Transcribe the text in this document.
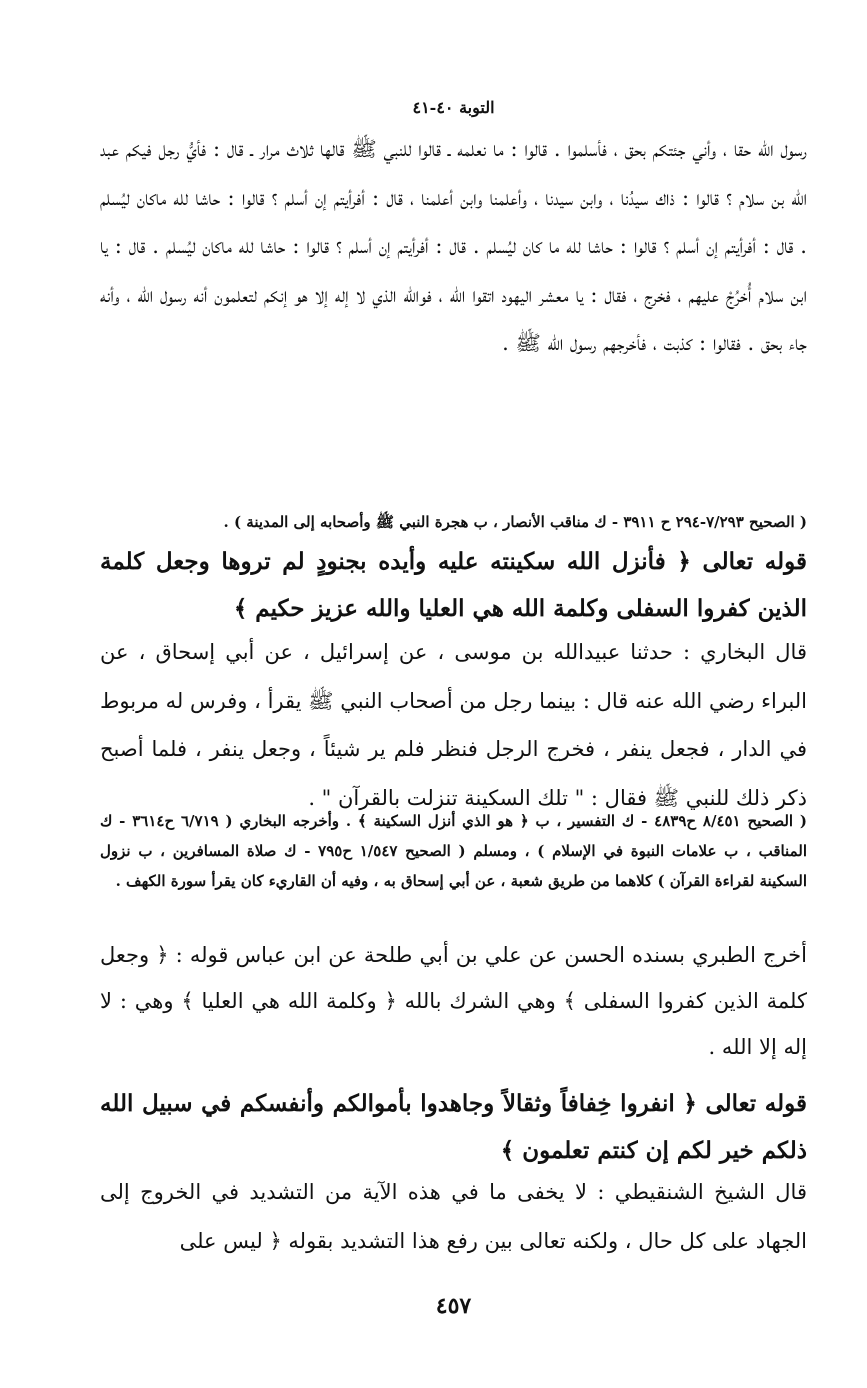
التوبة ٤٠-٤١

رسول الله حقا ، وأني جئتكم بحق ، فأسلموا . قالوا : ما نعلمه ـ قالوا للنبي ﷺ قالها ثلاث مرار ـ قال : فأيُّ رجل فيكم عبد الله بن سلام ؟ قالوا : ذاك سيدُنا ، وابن سيدنا ، وأعلمنا وابن أعلمنا ، قال : أفرأيتم إن أسلم ؟ قالوا : حاشا لله ماكان ليُسلم . قال : أفرأيتم إن أسلم ؟ قالوا : حاشا لله ما كان ليُسلم . قال : أفرأيتم إن أسلم ؟ قالوا : حاشا لله ماكان ليُسلم . قال : يا ابن سلام أُخرُجْ عليهم ، فخرج ، فقال : يا معشر اليهود اتقوا الله ، فوالله الذي لا إله إلا هو إنكم لتعلمون أنه رسول الله ، وأنه جاء بحق . فقالوا : كذبت ، فأخرجهم رسول الله ﷺ .

( الصحيح ٧/٢٩٣-٢٩٤ ح ٣٩١١ - ك مناقب الأنصار ، ب هجرة النبي ﷺ وأصحابه إلى المدينة ) .

قوله تعالى ﴿ فأنزل الله سكينته عليه وأيده بجنودٍ لم تروها وجعل كلمة الذين كفروا السفلى وكلمة الله هي العليا والله عزيز حكيم ﴾

قال البخاري : حدثنا عبيدالله بن موسى ، عن إسرائيل ، عن أبي إسحاق ، عن البراء رضي الله عنه قال : بينما رجل من أصحاب النبي ﷺ يقرأ ، وفرس له مربوط في الدار ، فجعل ينفر ، فخرج الرجل فنظر فلم ير شيئاً ، وجعل ينفر ، فلما أصبح ذكر ذلك للنبي ﷺ فقال : " تلك السكينة تنزلت بالقرآن " .

( الصحيح ٨/٤٥١ ح٤٨٣٩ - ك التفسير ، ب ﴿ هو الذي أنزل السكينة ﴾ . وأخرجه البخاري ( ٦/٧١٩ ح٣٦١٤ - ك المناقب ، ب علامات النبوة في الإسلام ) ، ومسلم ( الصحيح ١/٥٤٧ ح٧٩٥ - ك صلاة المسافرين ، ب نزول السكينة لقراءة القرآن ) كلاهما من طريق شعبة ، عن أبي إسحاق به ، وفيه أن القاريء كان يقرأ سورة الكهف .

أخرج الطبري بسنده الحسن عن علي بن أبي طلحة عن ابن عباس قوله : ﴿ وجعل كلمة الذين كفروا السفلى ﴾ وهي الشرك بالله ﴿ وكلمة الله هي العليا ﴾ وهي : لا إله إلا الله .

قوله تعالى ﴿ انفروا خِفافاً وثقالاً وجاهدوا بأموالكم وأنفسكم في سبيل الله ذلكم خير لكم إن كنتم تعلمون ﴾

قال الشيخ الشنقيطي : لا يخفى ما في هذه الآية من التشديد في الخروج إلى الجهاد على كل حال ، ولكنه تعالى بين رفع هذا التشديد بقوله ﴿ ليس على

٤٥٧
